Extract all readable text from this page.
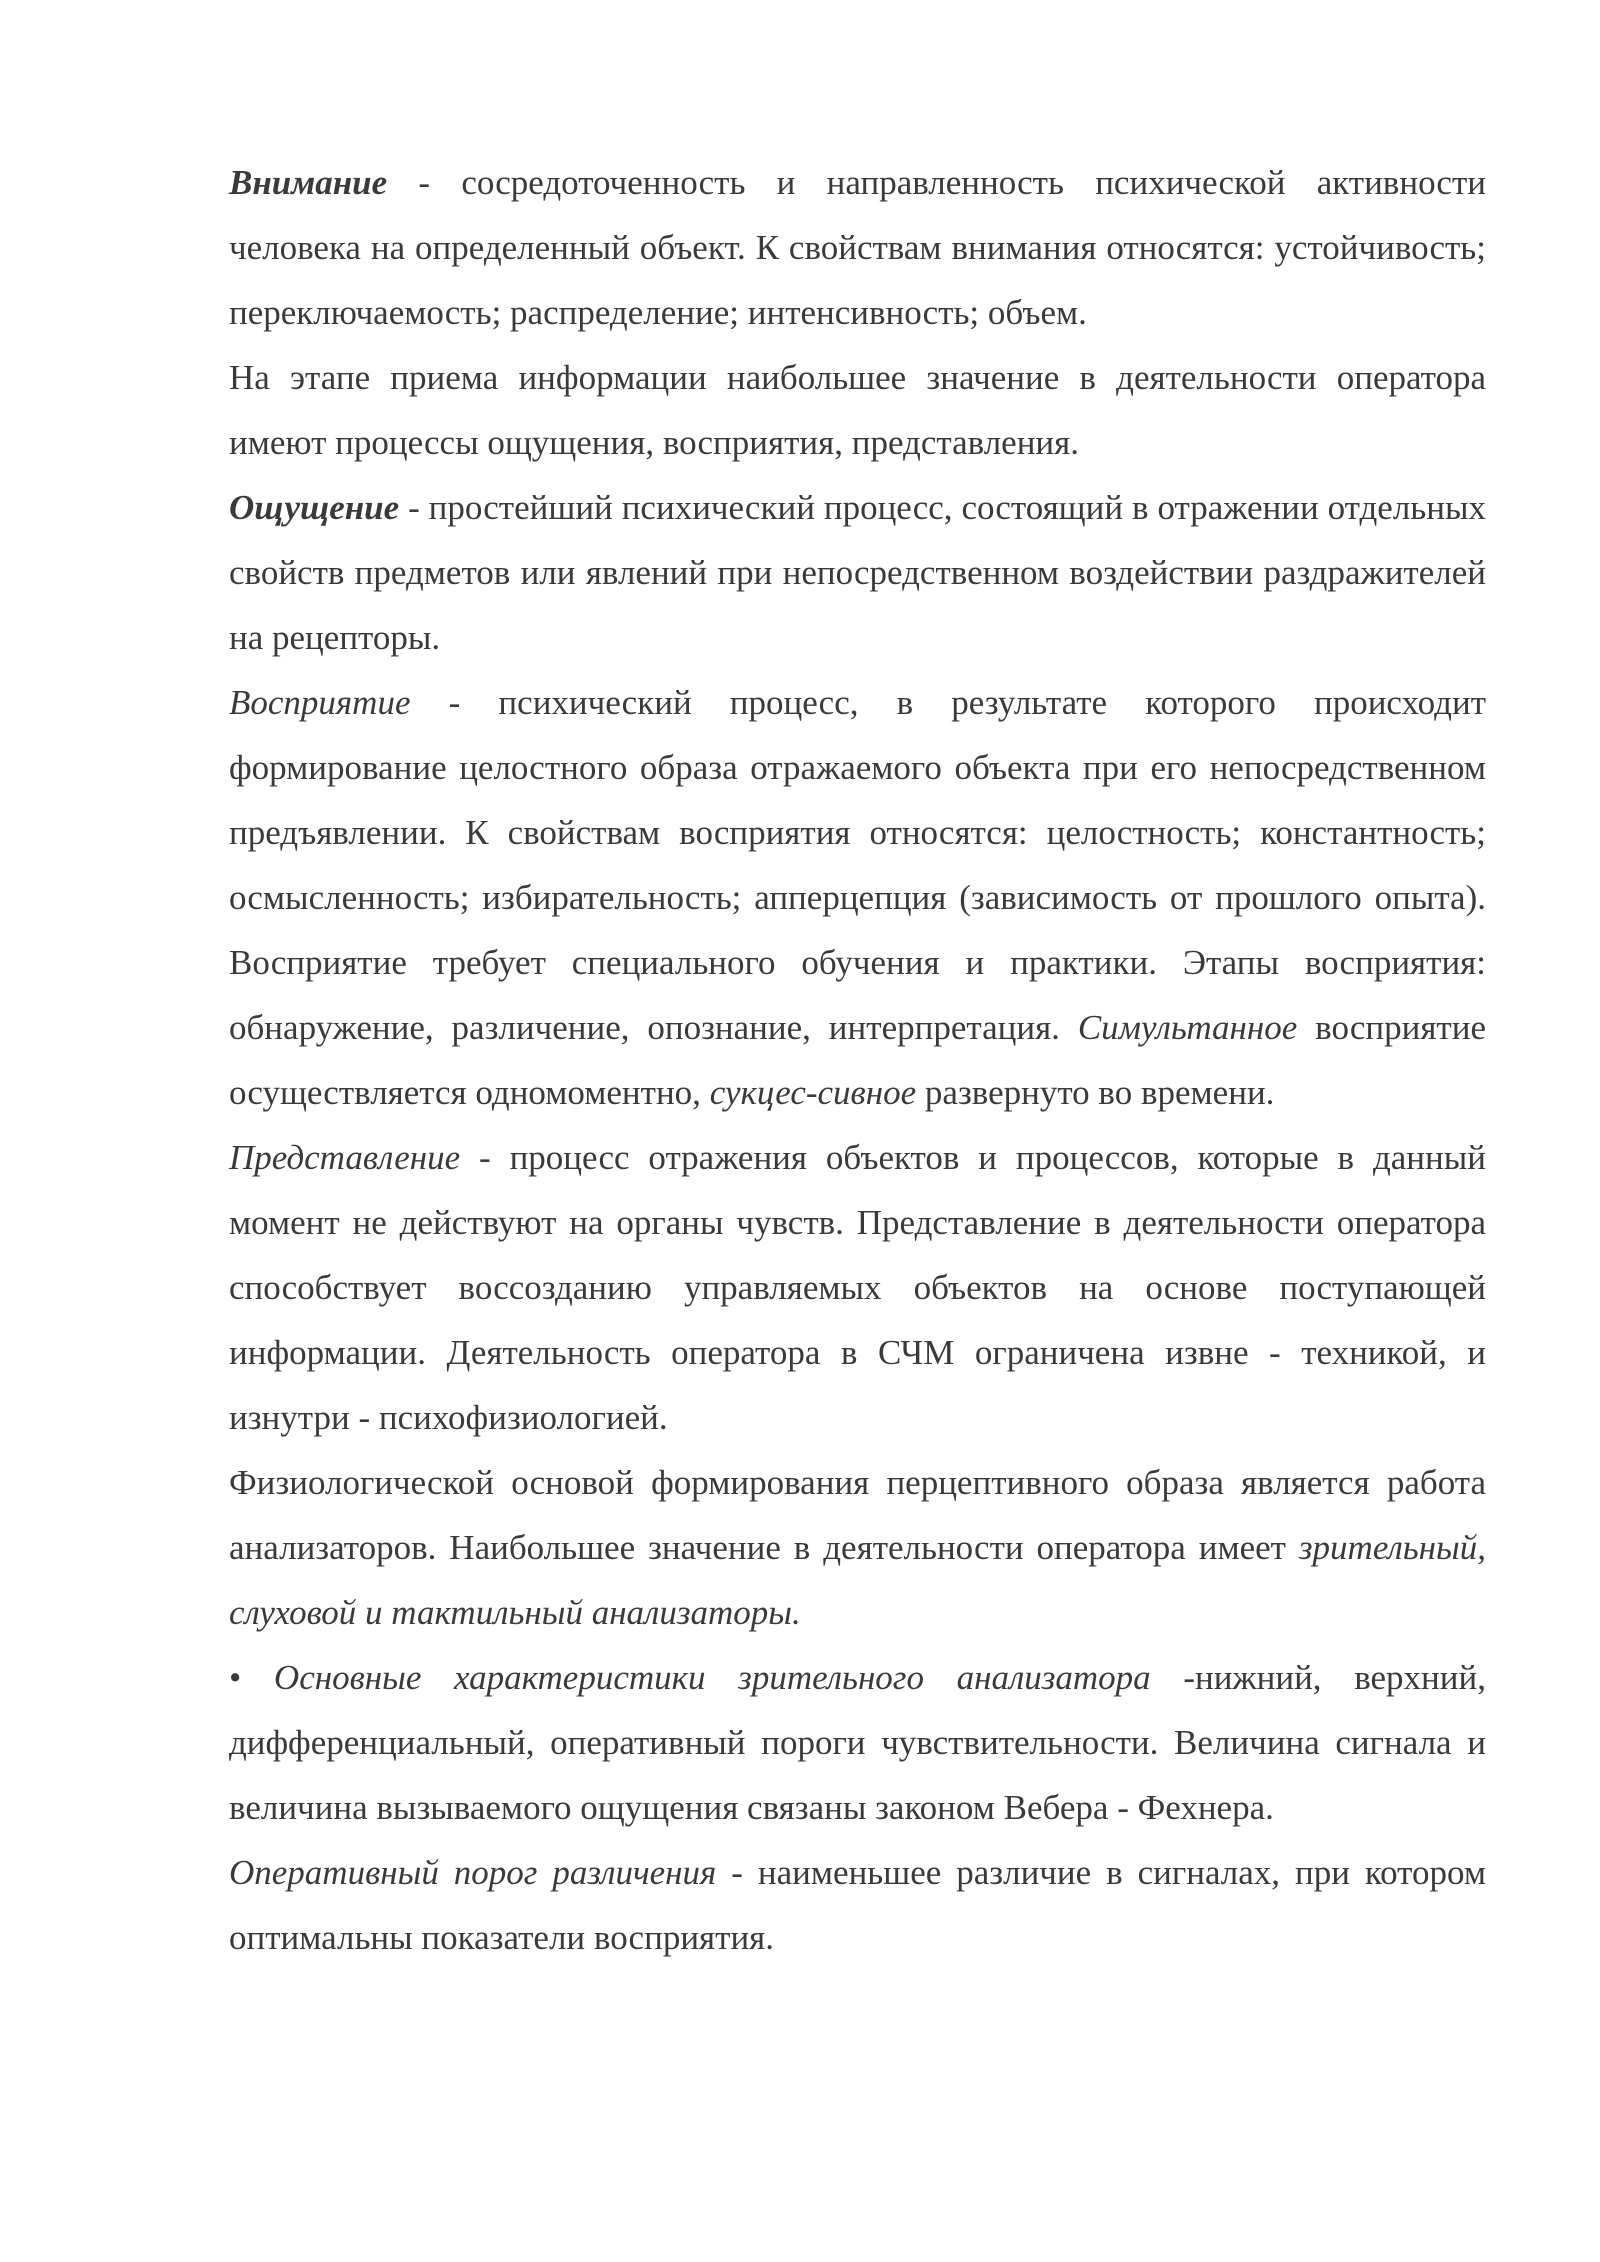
Внимание - сосредоточенность и направленность психической активности человека на определенный объект. К свойствам внимания относятся: устойчивость; переключаемость; распределение; интенсивность; объем.

На этапе приема информации наибольшее значение в деятельности оператора имеют процессы ощущения, восприятия, представления.

Ощущение - простейший психический процесс, состоящий в отражении отдельных свойств предметов или явлений при непосредственном воздействии раздражителей на рецепторы.

Восприятие - психический процесс, в результате которого происходит формирование целостного образа отражаемого объекта при его непосредственном предъявлении. К свойствам восприятия относятся: целостность; константность; осмысленность; избирательность; апперцепция (зависимость от прошлого опыта). Восприятие требует специального обучения и практики. Этапы восприятия: обнаружение, различение, опознание, интерпретация. Симультанное восприятие осуществляется одномоментно, сукцес-сивное развернуто во времени.

Представление - процесс отражения объектов и процессов, которые в данный момент не действуют на органы чувств. Представление в деятельности оператора способствует воссозданию управляемых объектов на основе поступающей информации. Деятельность оператора в СЧМ ограничена извне - техникой, и изнутри - психофизиологией.

Физиологической основой формирования перцептивного образа является работа анализаторов. Наибольшее значение в деятельности оператора имеет зрительный, слуховой и тактильный анализаторы.

• Основные характеристики зрительного анализатора -нижний, верхний, дифференциальный, оперативный пороги чувствительности. Величина сигнала и величина вызываемого ощущения связаны законом Вебера - Фехнера.

Оперативный порог различения - наименьшее различие в сигналах, при котором оптимальны показатели восприятия.
